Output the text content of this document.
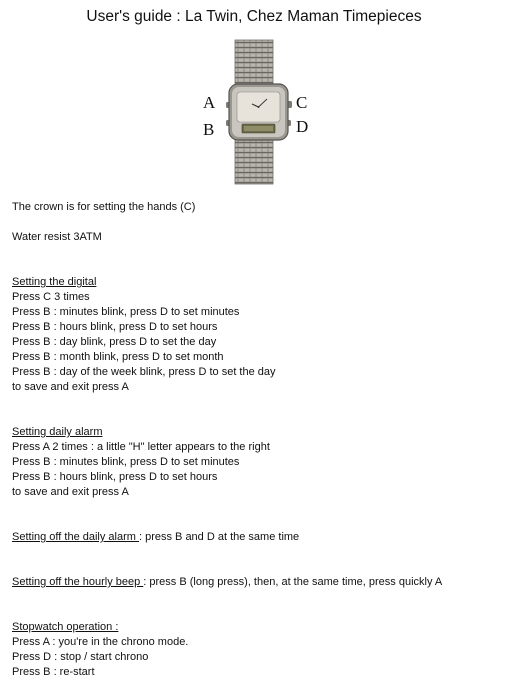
User's guide : La Twin, Chez Maman Timepieces
A
B
C
D
The crown is for setting the hands (C)
Water resist 3ATM
Setting the digital
Press C 3 times
Press B : minutes blink, press D to set minutes
Press B : hours blink, press D to set hours
Press B : day blink, press D to set the day
Press B : month blink, press D to set month
Press B : day of the week blink, press D to set the day
to save and exit press A
Setting daily alarm
Press A 2 times : a little "H" letter appears to the right
Press B : minutes blink, press D to set minutes
Press B : hours blink, press D to set hours
to save and exit press A
Setting off the daily alarm : press B and D at the same time
Setting off the hourly beep : press B (long press), then, at the same time, press quickly A
Stopwatch operation :
Press A : you're in the chrono mode.
Press D : stop / start chrono
Press B : re-start
